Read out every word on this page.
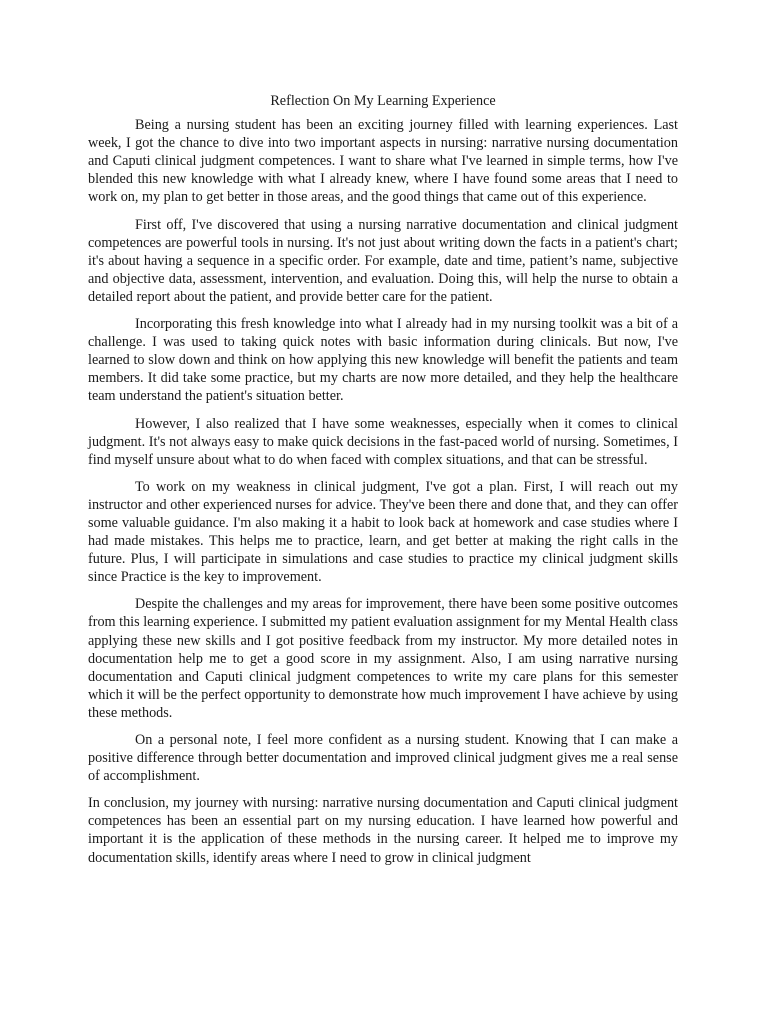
Reflection On My Learning Experience

Being a nursing student has been an exciting journey filled with learning experiences. Last week, I got the chance to dive into two important aspects in nursing: narrative nursing documentation and Caputi clinical judgment competences. I want to share what I've learned in simple terms, how I've blended this new knowledge with what I already knew, where I have found some areas that I need to work on, my plan to get better in those areas, and the good things that came out of this experience.

First off, I've discovered that using a nursing narrative documentation and clinical judgment competences are powerful tools in nursing. It's not just about writing down the facts in a patient's chart; it's about having a sequence in a specific order. For example, date and time, patient’s name, subjective and objective data, assessment, intervention, and evaluation. Doing this, will help the nurse to obtain a detailed report about the patient, and provide better care for the patient.

Incorporating this fresh knowledge into what I already had in my nursing toolkit was a bit of a challenge. I was used to taking quick notes with basic information during clinicals. But now, I've learned to slow down and think on how applying this new knowledge will benefit the patients and team members. It did take some practice, but my charts are now more detailed, and they help the healthcare team understand the patient's situation better.

However, I also realized that I have some weaknesses, especially when it comes to clinical judgment. It's not always easy to make quick decisions in the fast-paced world of nursing. Sometimes, I find myself unsure about what to do when faced with complex situations, and that can be stressful.

To work on my weakness in clinical judgment, I've got a plan. First, I will reach out my instructor and other experienced nurses for advice. They've been there and done that, and they can offer some valuable guidance. I'm also making it a habit to look back at homework and case studies where I had made mistakes. This helps me to practice, learn, and get better at making the right calls in the future. Plus, I will participate in simulations and case studies to practice my clinical judgment skills since Practice is the key to improvement.

Despite the challenges and my areas for improvement, there have been some positive outcomes from this learning experience. I submitted my patient evaluation assignment for my Mental Health class applying these new skills and I got positive feedback from my instructor. My more detailed notes in documentation help me to get a good score in my assignment. Also, I am using narrative nursing documentation and Caputi clinical judgment competences to write my care plans for this semester which it will be the perfect opportunity to demonstrate how much improvement I have achieve by using these methods.

On a personal note, I feel more confident as a nursing student. Knowing that I can make a positive difference through better documentation and improved clinical judgment gives me a real sense of accomplishment.

In conclusion, my journey with nursing: narrative nursing documentation and Caputi clinical judgment competences has been an essential part on my nursing education. I have learned how powerful and important it is the application of these methods in the nursing career. It helped me to improve my documentation skills, identify areas where I need to grow in clinical judgment
